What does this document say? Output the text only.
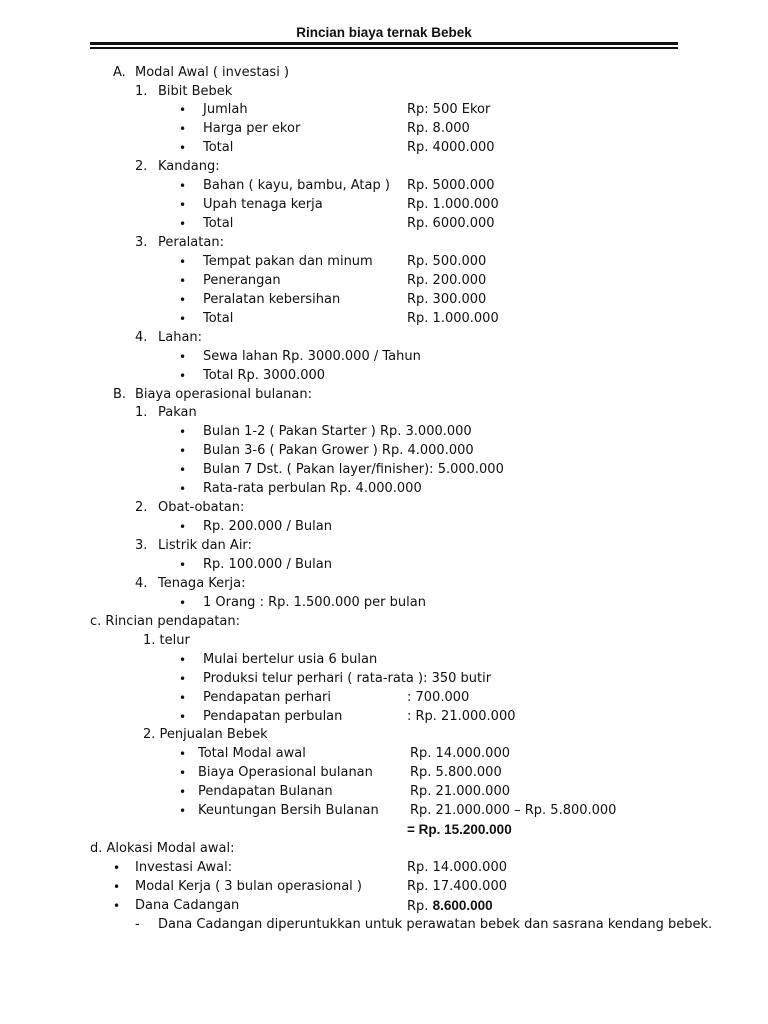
Rincian biaya ternak Bebek
A. Modal Awal ( investasi )
1. Bibit Bebek
• Jumlah	Rp: 500 Ekor
• Harga per ekor	Rp. 8.000
• Total	Rp. 4000.000
2. Kandang:
• Bahan ( kayu, bambu, Atap ) Rp. 5000.000
• Upah tenaga kerja	Rp. 1.000.000
• Total	Rp. 6000.000
3. Peralatan:
• Tempat pakan dan minum	Rp. 500.000
• Penerangan	Rp. 200.000
• Peralatan kebersihan	Rp. 300.000
• Total	Rp. 1.000.000
4. Lahan:
• Sewa lahan Rp. 3000.000 / Tahun
• Total Rp. 3000.000
B. Biaya operasional bulanan:
1. Pakan
• Bulan 1-2 ( Pakan Starter ) Rp. 3.000.000
• Bulan 3-6 ( Pakan Grower ) Rp. 4.000.000
• Bulan 7 Dst. ( Pakan layer/finisher): 5.000.000
• Rata-rata perbulan Rp. 4.000.000
2. Obat-obatan:
• Rp. 200.000 / Bulan
3. Listrik dan Air:
• Rp. 100.000 / Bulan
4. Tenaga Kerja:
• 1 Orang : Rp. 1.500.000 per bulan
c. Rincian pendapatan:
1. telur
• Mulai bertelur usia 6 bulan
• Produksi telur perhari ( rata-rata ): 350 butir
• Pendapatan perhari	: 700.000
• Pendapatan perbulan	: Rp. 21.000.000
2. Penjualan Bebek
• Total Modal awal	Rp. 14.000.000
• Biaya Operasional bulanan	Rp. 5.800.000
• Pendapatan Bulanan	Rp. 21.000.000
• Keuntungan Bersih Bulanan Rp. 21.000.000 – Rp. 5.800.000
= Rp. 15.200.000
d. Alokasi Modal awal:
• Investasi Awal:	Rp. 14.000.000
• Modal Kerja ( 3 bulan operasional )	Rp. 17.400.000
• Dana Cadangan	Rp. 8.600.000
- Dana Cadangan diperuntukkan untuk perawatan bebek dan sasrana kendang bebek.
